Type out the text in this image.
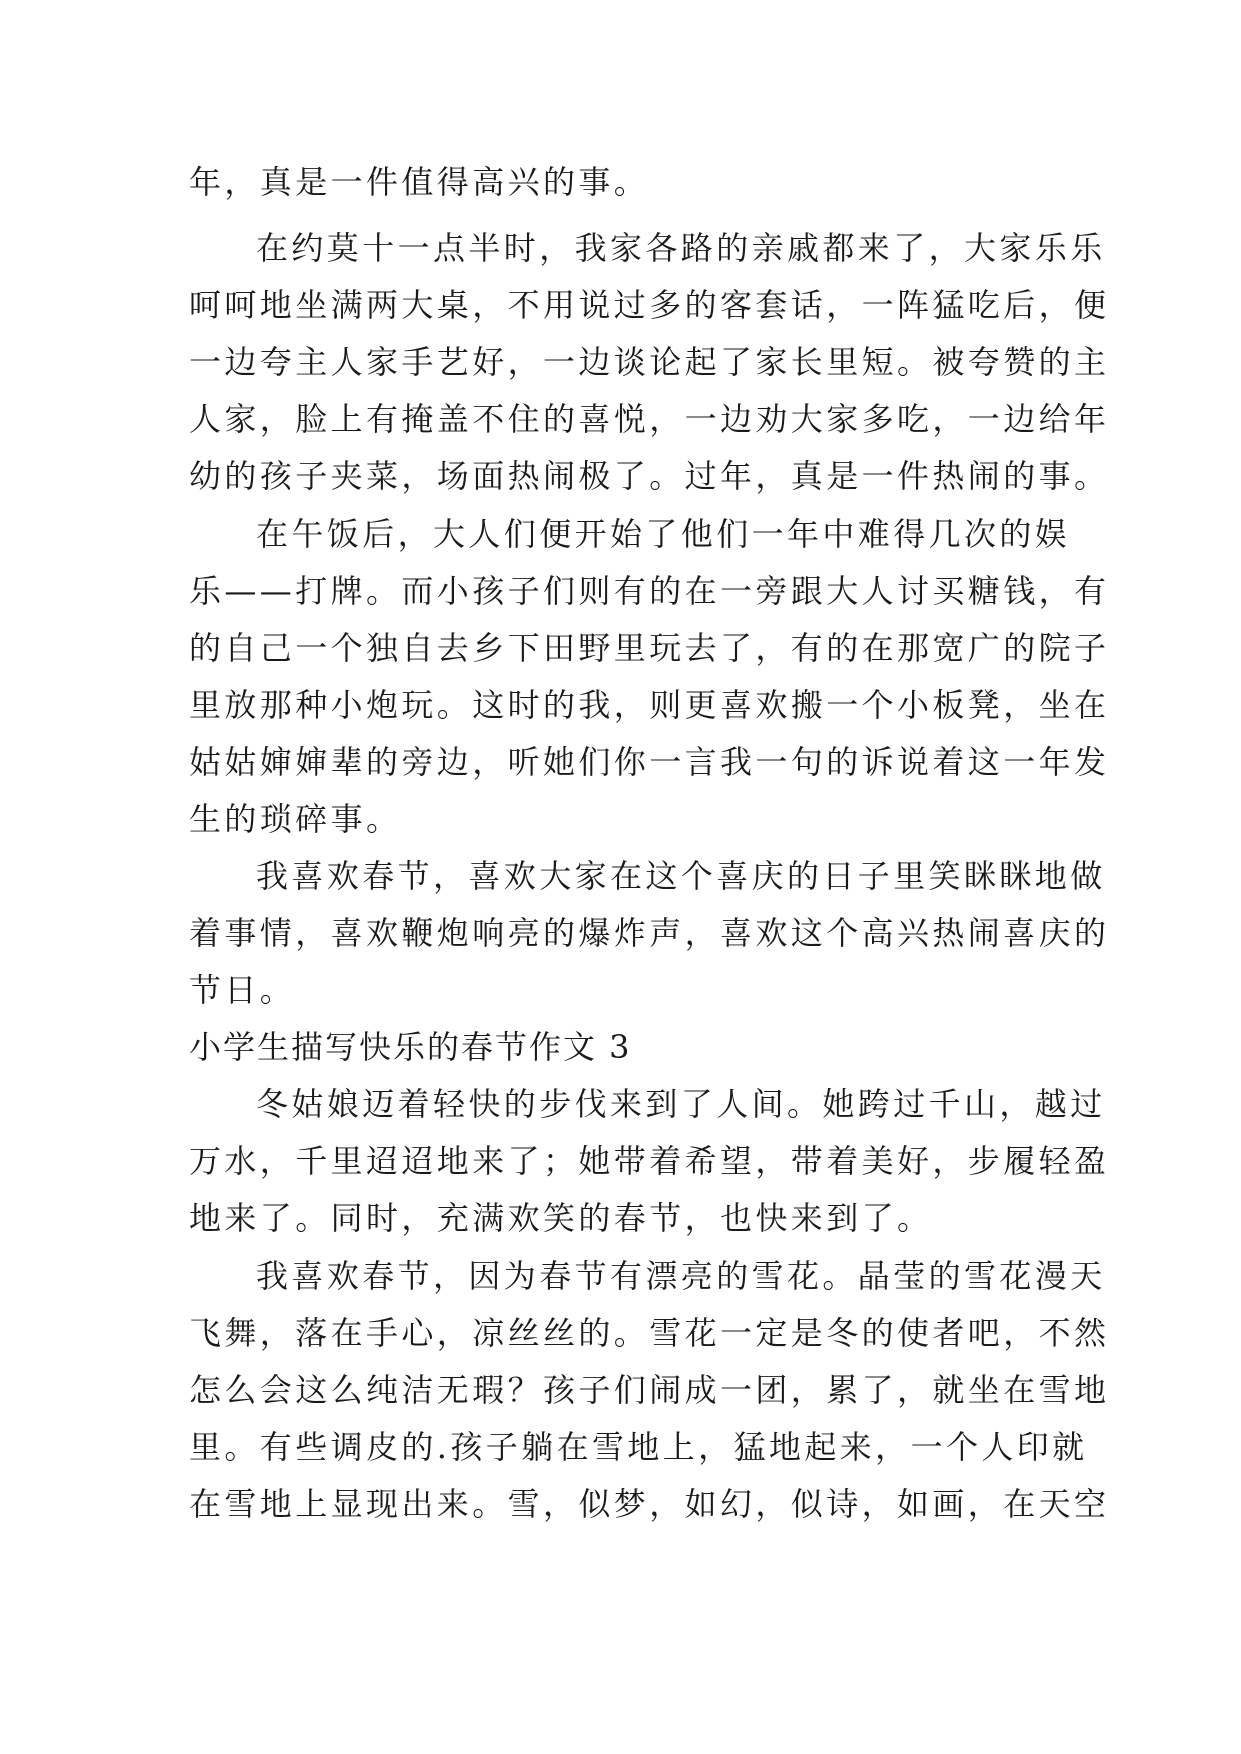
年，真是一件值得高兴的事。
在约莫十一点半时，我家各路的亲戚都来了，大家乐乐
呵呵地坐满两大桌，不用说过多的客套话，一阵猛吃后，便
一边夸主人家手艺好，一边谈论起了家长里短。被夸赞的主
人家，脸上有掩盖不住的喜悦，一边劝大家多吃，一边给年
幼的孩子夹菜，场面热闹极了。过年，真是一件热闹的事。
在午饭后，大人们便开始了他们一年中难得几次的娱
乐——打牌。而小孩子们则有的在一旁跟大人讨买糖钱，有
的自己一个独自去乡下田野里玩去了，有的在那宽广的院子
里放那种小炮玩。这时的我，则更喜欢搬一个小板凳，坐在
姑姑婶婶辈的旁边，听她们你一言我一句的诉说着这一年发
生的琐碎事。
我喜欢春节，喜欢大家在这个喜庆的日子里笑眯眯地做
着事情，喜欢鞭炮响亮的爆炸声，喜欢这个高兴热闹喜庆的
节日。
小学生描写快乐的春节作文 3
冬姑娘迈着轻快的步伐来到了人间。她跨过千山，越过
万水，千里迢迢地来了；她带着希望，带着美好，步履轻盈
地来了。同时，充满欢笑的春节，也快来到了。
我喜欢春节，因为春节有漂亮的雪花。晶莹的雪花漫天
飞舞，落在手心，凉丝丝的。雪花一定是冬的使者吧，不然
怎么会这么纯洁无瑕？孩子们闹成一团，累了，就坐在雪地
里。有些调皮的.孩子躺在雪地上，猛地起来，一个人印就
在雪地上显现出来。雪，似梦，如幻，似诗，如画，在天空
